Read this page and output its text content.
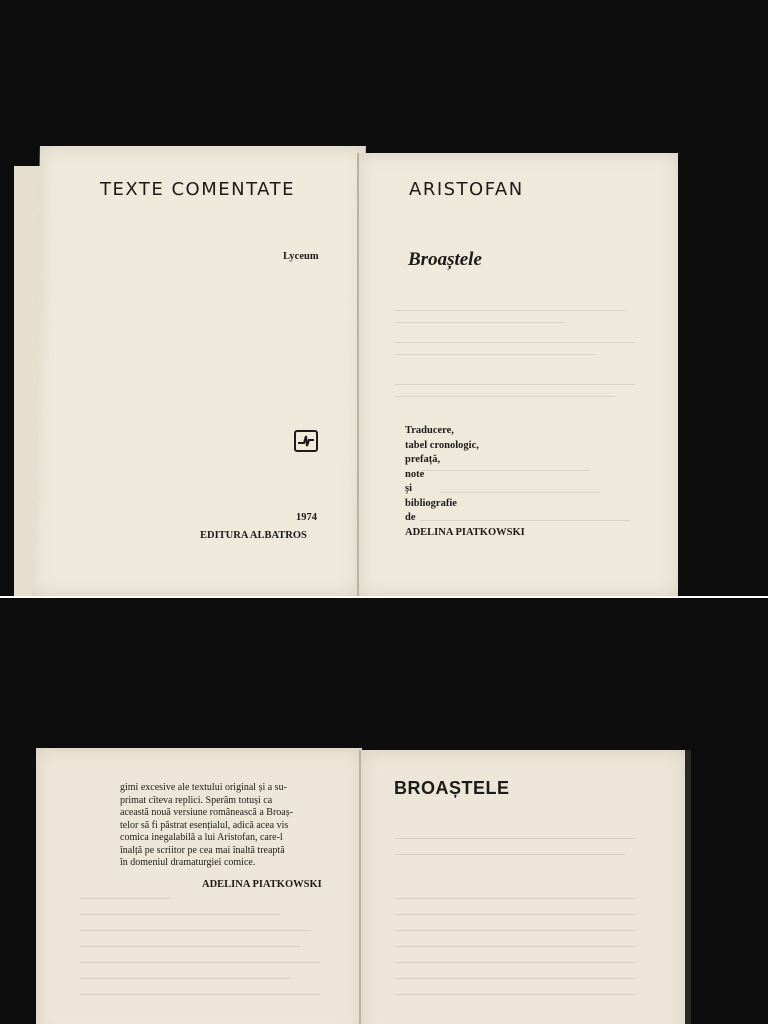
TEXTE COMENTATE
Lyceum
1974
EDITURA ALBATROS
ARISTOFAN
Broaștele
Traducere,
tabel cronologic,
prefață,
note
și
bibliografie
de
ADELINA PIATKOWSKI
gimi excesive ale textului original și a su-
primat cîteva replici. Sperăm totuși ca
această nouă versiune românească a Broaș-
telor să fi păstrat esențialul, adică acea vis
comica inegalabilă a lui Aristofan, care-l
înalță pe scriitor pe cea mai înaltă treaptă
în domeniul dramaturgiei comice.
ADELINA PIATKOWSKI
BROAȘTELE
